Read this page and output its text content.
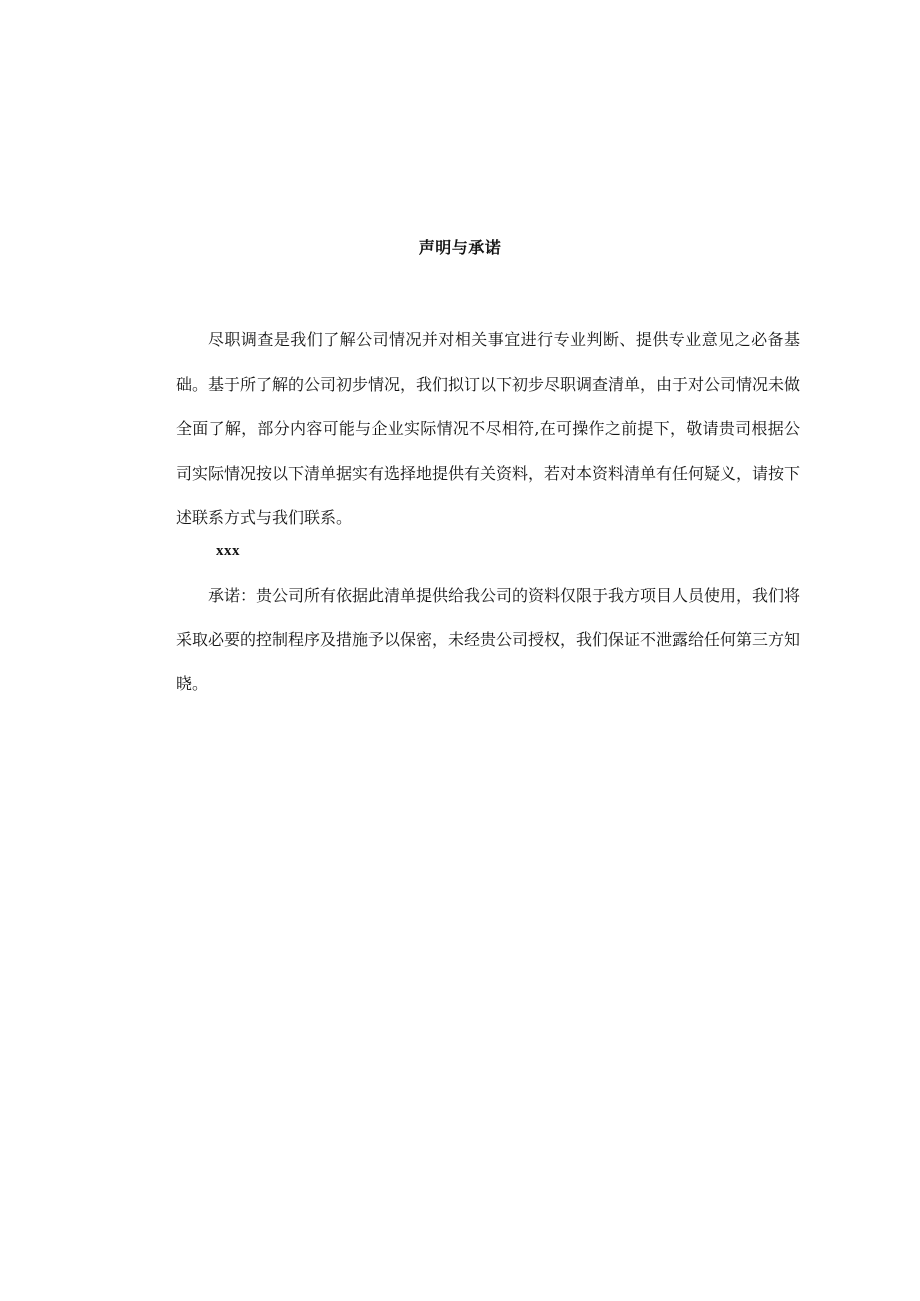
声明与承诺

尽职调查是我们了解公司情况并对相关事宜进行专业判断、提供专业意见之必备基础。基于所了解的公司初步情况，我们拟订以下初步尽职调查清单，由于对公司情况未做全面了解，部分内容可能与企业实际情况不尽相符,在可操作之前提下，敬请贵司根据公司实际情况按以下清单据实有选择地提供有关资料，若对本资料清单有任何疑义，请按下述联系方式与我们联系。

xxx

承诺：贵公司所有依据此清单提供给我公司的资料仅限于我方项目人员使用，我们将采取必要的控制程序及措施予以保密，未经贵公司授权，我们保证不泄露给任何第三方知晓。
